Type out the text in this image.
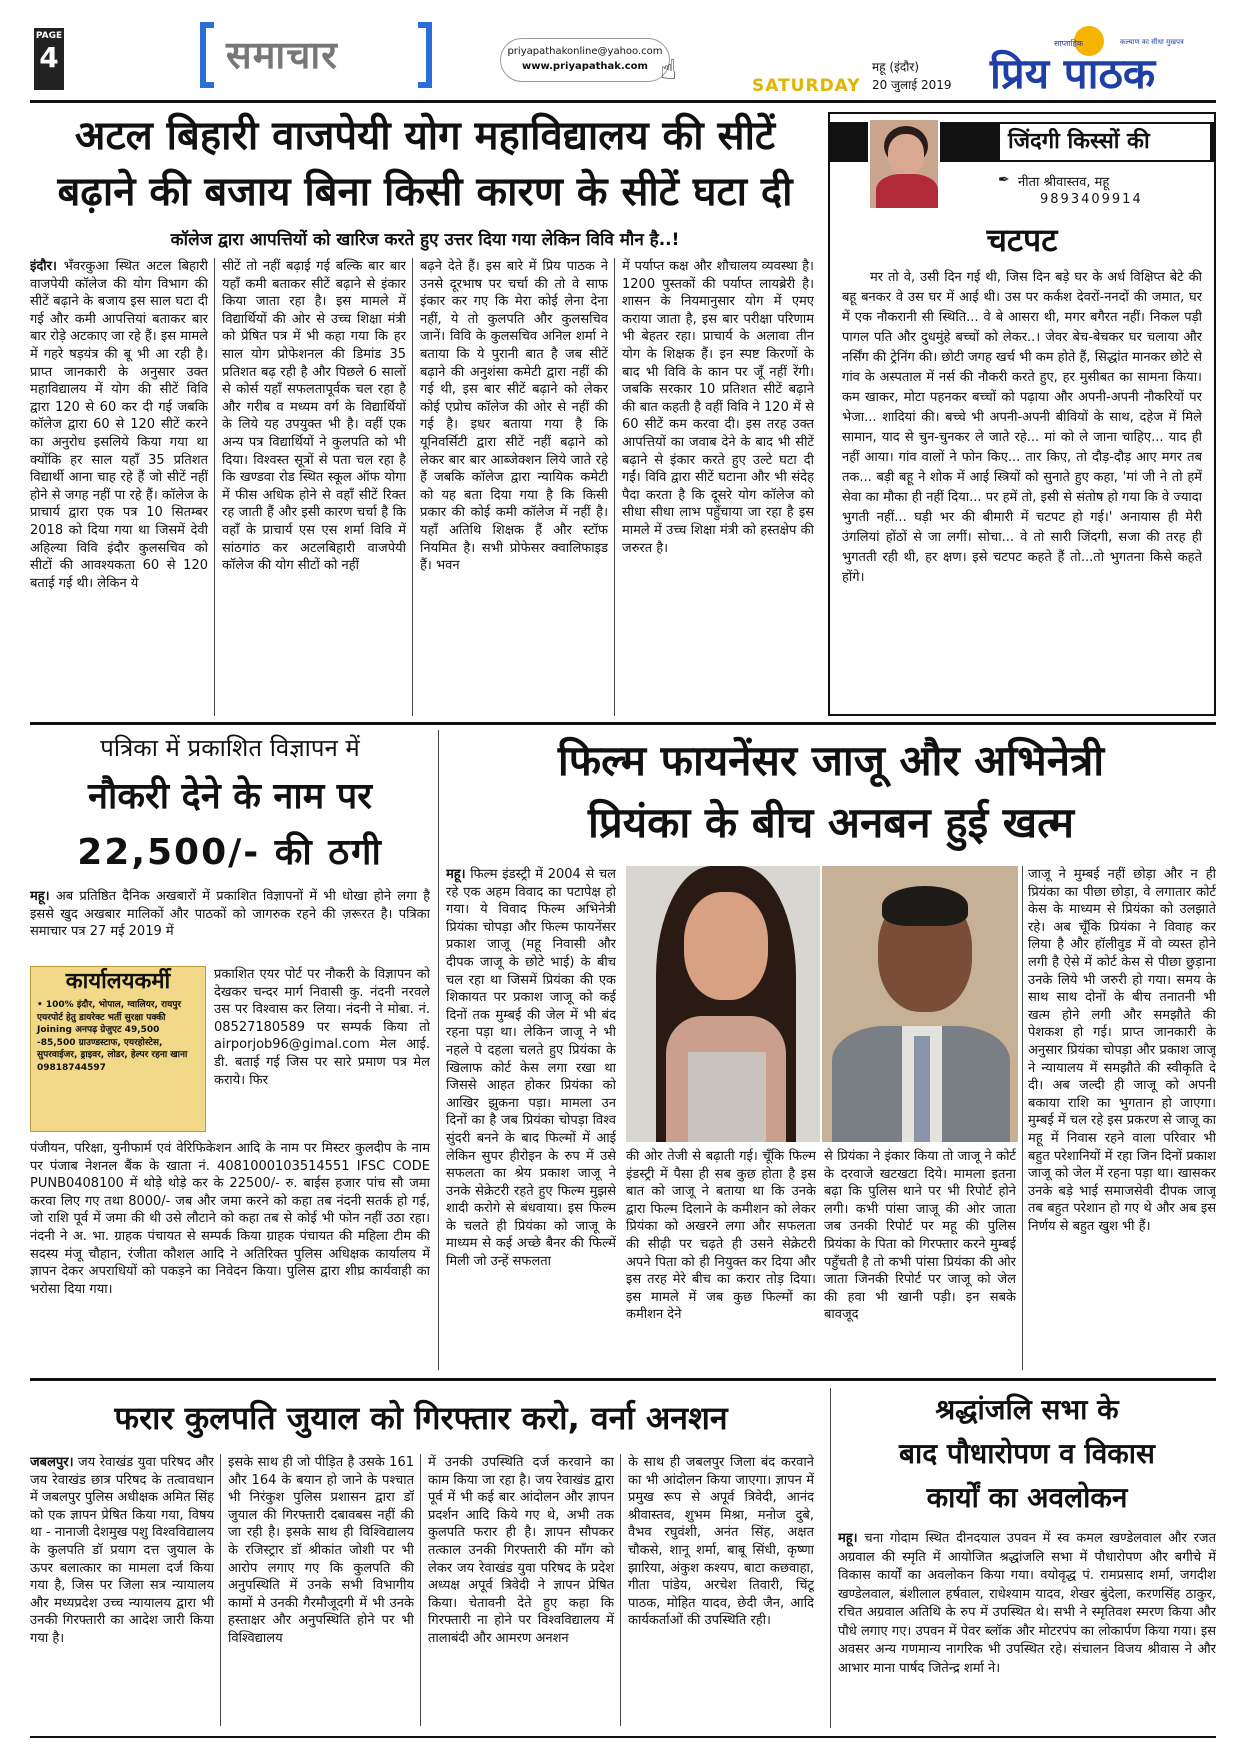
PAGE
4	समाचार	priyapathakonline@yahoo.com
www.priyapathak.com ☝	SATURDAY
महू (इंदौर)
20 जुलाई 2019
साप्ताहिक	कल्याण का सीधा मुखपत्र
प्रिय पाठक
अटल बिहारी वाजपेयी योग महाविद्यालय की सीटें
बढ़ाने की बजाय बिना किसी कारण के सीटें घटा दी
कॉलेज द्वारा आपत्तियों को खारिज करते हुए उत्तर दिया गया लेकिन विवि मौन है..!

इंदौर। भँवरकुआ स्थित अटल बिहारी वाजपेयी कॉलेज की योग विभाग की सीटें बढ़ाने के बजाय इस साल घटा दी गई और कमी आपत्तियां बताकर बार बार रोड़े अटकाए जा रहे हैं। इस मामले में गहरे षड़यंत्र की बू भी आ रही है। प्राप्त जानकारी के अनुसार उक्त महाविद्यालय में योग की सीटें विवि द्वारा 120 से 60 कर दी गई जबकि कॉलेज द्वारा 60 से 120 सीटें करने का अनुरोध इसलिये किया गया था क्योंकि हर साल यहाँ 35 प्रतिशत विद्यार्थी आना चाह रहे हैं जो सीटें नहीं होने से जगह नहीं पा रहे हैं। कॉलेज के प्राचार्य द्वारा एक पत्र 10 सितम्बर 2018 को दिया गया था जिसमें देवी अहिल्या विवि इंदौर कुलसचिव को सीटों की आवश्यकता 60 से 120 बताई गई थी। लेकिन ये

सीटें तो नहीं बढ़ाई गई बल्कि बार बार यहाँ कमी बताकर सीटें बढ़ाने से इंकार किया जाता रहा है। इस मामले में विद्यार्थियों की ओर से उच्च शिक्षा मंत्री को प्रेषित पत्र में भी कहा गया कि हर साल योग प्रोफेशनल की डिमांड 35 प्रतिशत बढ़ रही है और पिछले 6 सालों से कोर्स यहाँ सफलतापूर्वक चल रहा है और गरीब व मध्यम वर्ग के विद्यार्थियों के लिये यह उपयुक्त भी है। वहीं एक अन्य पत्र विद्यार्थियों ने कुलपति को भी दिया। विश्वस्त सूत्रों से पता चल रहा है कि खण्डवा रोड स्थित स्कूल ऑफ योगा में फीस अधिक होने से वहाँ सीटें रिक्त रह जाती हैं और इसी कारण चर्चा है कि वहाँ के प्राचार्य एस एस शर्मा विवि में सांठगांठ कर अटलबिहारी वाजपेयी कॉलेज की योग सीटों को नहीं

बढ़ने देते हैं। इस बारे में प्रिय पाठक ने उनसे दूरभाष पर चर्चा की तो वे साफ इंकार कर गए कि मेरा कोई लेना देना नहीं, ये तो कुलपति और कुलसचिव जानें। विवि के कुलसचिव अनिल शर्मा ने बताया कि ये पुरानी बात है जब सीटें बढ़ाने की अनुशंसा कमेटी द्वारा नहीं की गई थी, इस बार सीटें बढ़ाने को लेकर कोई एप्रोच कॉलेज की ओर से नहीं की गई है। इधर बताया गया है कि यूनिवर्सिटी द्वारा सीटें नहीं बढ़ाने को लेकर बार बार आब्जेक्शन लिये जाते रहे हैं जबकि कॉलेज द्वारा न्यायिक कमेटी को यह बता दिया गया है कि किसी प्रकार की कोई कमी कॉलेज में नहीं है। यहाँ अतिथि शिक्षक हैं और स्टॉफ नियमित है। सभी प्रोफेसर क्वालिफाइड हैं। भवन

में पर्याप्त कक्ष और शौचालय व्यवस्था है। 1200 पुस्तकों की पर्याप्त लायब्रेरी है। शासन के नियमानुसार योग में एमए कराया जाता है, इस बार परीक्षा परिणाम भी बेहतर रहा। प्राचार्य के अलावा तीन योग के शिक्षक हैं। इन स्पष्ट किरणों के बाद भी विवि के कान पर जूँ नहीं रेंगी। जबकि सरकार 10 प्रतिशत सीटें बढ़ाने की बात कहती है वहीं विवि ने 120 में से 60 सीटें कम करवा दी। इस तरह उक्त आपत्तियों का जवाब देने के बाद भी सीटें बढ़ाने से इंकार करते हुए उल्टे घटा दी गईं। विवि द्वारा सीटें घटाना और भी संदेह पैदा करता है कि दूसरे योग कॉलेज को सीधा सीधा लाभ पहुँचाया जा रहा है इस मामले में उच्च शिक्षा मंत्री को हस्तक्षेप की जरुरत है।

जिंदगी किस्सों की
✒ नीता श्रीवास्तव, महू
9893409914
चटपट

मर तो वे, उसी दिन गई थी, जिस दिन बड़े घर के अर्ध विक्षिप्त बेटे की बहू बनकर वे उस घर में आई थी। उस पर कर्कश देवरों-ननदों की जमात, घर में एक नौकरानी सी स्थिति... वे बे आसरा थी, मगर बगैरत नहीं। निकल पड़ी पागल पति और दुधमुंहे बच्चों को लेकर..। जेवर बेच-बेचकर घर चलाया और नर्सिंग की ट्रेनिंग की। छोटी जगह खर्च भी कम होते हैं, सिद्धांत मानकर छोटे से गांव के अस्पताल में नर्स की नौकरी करते हुए, हर मुसीबत का सामना किया। कम खाकर, मोटा पहनकर बच्चों को पढ़ाया और अपनी-अपनी नौकरियों पर भेजा... शादियां की। बच्चे भी अपनी-अपनी बीवियों के साथ, दहेज में मिले सामान, याद से चुन-चुनकर ले जाते रहे... मां को ले जाना चाहिए... याद ही नहीं आया। गांव वालों ने फोन किए... तार किए, तो दौड़-दौड़ आए मगर तब तक... बड़ी बहू ने शोक में आई स्त्रियों को सुनाते हुए कहा, 'मां जी ने तो हमें सेवा का मौका ही नहीं दिया... पर हमें तो, इसी से संतोष हो गया कि वे ज्यादा भुगती नहीं... घड़ी भर की बीमारी में चटपट हो गई।' अनायास ही मेरी उंगलियां होंठों से जा लगीं। सोचा... वे तो सारी जिंदगी, सजा की तरह ही भुगतती रही थी, हर क्षण। इसे चटपट कहते हैं तो...तो भुगतना किसे कहते होंगे।

पत्रिका में प्रकाशित विज्ञापन में
नौकरी देने के नाम पर
22,500/- की ठगी

महू। अब प्रतिष्ठित दैनिक अखबारों में प्रकाशित विज्ञापनों में भी धोखा होने लगा है इससे खुद अखबार मालिकों और पाठकों को जागरुक रहने की ज़रूरत है। पत्रिका समाचार पत्र 27 मई 2019 में

कार्यालयकर्मी
• 100% इंदौर, भोपाल, ग्वालियर, रायपुर एयरपोर्ट हेतु डायरेक्ट भर्ती सुरक्षा पक्की Joining अनपढ़ ग्रेजुएट 49,500 -85,500 ग्राउण्डस्टाफ, एयरहोस्टेस, सुपरवाईजर, ड्राइवर, लोडर, हेल्पर रहना खाना 09818744597

प्रकाशित एयर पोर्ट पर नौकरी के विज्ञापन को देखकर चन्दर मार्ग निवासी कु. नंदनी नरवले उस पर विश्वास कर लिया। नंदनी ने मोबा. नं. 08527180589 पर सम्पर्क किया तो airporjob96@gimal.com मेल आई. डी. बताई गई जिस पर सारे प्रमाण पत्र मेल कराये। फिर

पंजीयन, परिक्षा, युनीफार्म एवं वेरिफिकेशन आदि के नाम पर मिस्टर कुलदीप के नाम पर पंजाब नेशनल बैंक के खाता नं. 4081000103514551 IFSC CODE PUNB0408100 में थोड़े थोड़े कर के 22500/- रु. बाईस हजार पांच सौ जमा करवा लिए गए तथा 8000/- जब और जमा करने को कहा तब नंदनी सतर्क हो गई, जो राशि पूर्व में जमा की थी उसे लौटाने को कहा तब से कोई भी फोन नहीं उठा रहा। नंदनी ने अ. भा. ग्राहक पंचायत से सम्पर्क किया ग्राहक पंचायत की महिला टीम की सदस्य मंजू चौहान, रंजीता कौशल आदि ने अतिरिक्त पुलिस अधिक्षक कार्यालय में ज्ञापन देकर अपराधियों को पकड़ने का निवेदन किया। पुलिस द्वारा शीघ्र कार्यवाही का भरोसा दिया गया।

फिल्म फायनेंसर जाजू और अभिनेत्री
प्रियंका के बीच अनबन हुई खत्म

महू। फिल्म इंडस्ट्री में 2004 से चल रहे एक अहम विवाद का पटापेक्ष हो गया। ये विवाद फिल्म अभिनेत्री प्रियंका चोपड़ा और फिल्म फायनेंसर प्रकाश जाजू (महू निवासी और दीपक जाजू के छोटे भाई) के बीच चल रहा था जिसमें प्रियंका की एक शिकायत पर प्रकाश जाजू को कई दिनों तक मुम्बई की जेल में भी बंद रहना पड़ा था। लेकिन जाजू ने भी नहले पे दहला चलते हुए प्रियंका के खिलाफ कोर्ट केस लगा रखा था जिससे आहत होकर प्रियंका को आखिर झुकना पड़ा। मामला उन दिनों का है जब प्रियंका चोपड़ा विश्व सुंदरी बनने के बाद फिल्मों में आई लेकिन सुपर हीरोइन के रुप में उसे सफलता का श्रेय प्रकाश जाजू ने उनके सेक्रेटरी रहते हुए फिल्म मुझसे शादी करोगे से बंधवाया। इस फिल्म के चलते ही प्रियंका को जाजू के माध्यम से कई अच्छे बैनर की फिल्में मिली जो उन्हें सफलता

की ओर तेजी से बढ़ाती गई। चूँकि फिल्म इंडस्ट्री में पैसा ही सब कुछ होता है इस बात को जाजू ने बताया था कि उनके द्वारा फिल्म दिलाने के कमीशन को लेकर प्रियंका को अखरने लगा और सफलता की सीढ़ी पर चढ़ते ही उसने सेक्रेटरी अपने पिता को ही नियुक्त कर दिया और इस तरह मेरे बीच का करार तोड़ दिया। इस मामले में जब कुछ फिल्मों का कमीशन देने

से प्रियंका ने इंकार किया तो जाजू ने कोर्ट के दरवाजे खटखटा दिये। मामला इतना बढ़ा कि पुलिस थाने पर भी रिपोर्ट होने लगी। कभी पांसा जाजू की ओर जाता जब उनकी रिपोर्ट पर महू की पुलिस प्रियंका के पिता को गिरफ्तार करने मुम्बई पहुँचती है तो कभी पांसा प्रियंका की ओर जाता जिनकी रिपोर्ट पर जाजू को जेल की हवा भी खानी पड़ी। इन सबके बावजूद

जाजू ने मुम्बई नहीं छोड़ा और न ही प्रियंका का पीछा छोड़ा, वे लगातार कोर्ट केस के माध्यम से प्रियंका को उलझाते रहे। अब चूँकि प्रियंका ने विवाह कर लिया है और हॉलीवुड में वो व्यस्त होने लगी है ऐसे में कोर्ट केस से पीछा छुड़ाना उनके लिये भी जरुरी हो गया। समय के साथ साथ दोनों के बीच तनातनी भी खत्म होने लगी और समझौते की पेशकश हो गई। प्राप्त जानकारी के अनुसार प्रियंका चोपड़ा और प्रकाश जाजू ने न्यायालय में समझौते की स्वीकृति दे दी। अब जल्दी ही जाजू को अपनी बकाया राशि का भुगतान हो जाएगा। मुम्बई में चल रहे इस प्रकरण से जाजू का महू में निवास रहने वाला परिवार भी बहुत परेशानियों में रहा जिन दिनों प्रकाश जाजू को जेल में रहना पड़ा था। खासकर उनके बड़े भाई समाजसेवी दीपक जाजू तब बहुत परेशान हो गए थे और अब इस निर्णय से बहुत खुश भी हैं।

फरार कुलपति जुयाल को गिरफ्तार करो, वर्ना अनशन

जबलपुर। जय रेवाखंड युवा परिषद और जय रेवाखंड छात्र परिषद के तत्वावधान में जबलपुर पुलिस अधीक्षक अमित सिंह को एक ज्ञापन प्रेषित किया गया, विषय था - नानाजी देशमुख पशु विश्वविद्यालय के कुलपति डॉ प्रयाग दत्त जुयाल के ऊपर बलात्कार का मामला दर्ज किया गया है, जिस पर जिला सत्र न्यायालय और मध्यप्रदेश उच्च न्यायालय द्वारा भी उनकी गिरफ्तारी का आदेश जारी किया गया है।

इसके साथ ही जो पीड़ित है उसके 161 और 164 के बयान हो जाने के पश्चात भी निरंकुश पुलिस प्रशासन द्वारा डॉ जुयाल की गिरफ्तारी दबावबस नहीं की जा रही है। इसके साथ ही विश्विद्यालय के रजिस्ट्रार डॉ श्रीकांत जोशी पर भी आरोप लगाए गए कि कुलपति की अनुपस्थिति में उनके सभी विभागीय कामों मे उनकी गैरमौजूदगी में भी उनके हस्ताक्षर और अनुपस्थिति होने पर भी विश्विद्यालय

में उनकी उपस्थिति दर्ज करवाने का काम किया जा रहा है। जय रेवाखंड द्वारा पूर्व में भी कई बार आंदोलन और ज्ञापन प्रदर्शन आदि किये गए थे, अभी तक कुलपति फरार ही है। ज्ञापन सौपकर तत्काल उनकी गिरफ्तारी की माँग को लेकर जय रेवाखंड युवा परिषद के प्रदेश अध्यक्ष अपूर्व त्रिवेदी ने ज्ञापन प्रेषित किया। चेतावनी देते हुए कहा कि गिरफ्तारी ना होने पर विश्वविद्यालय में तालाबंदी और आमरण अनशन

के साथ ही जबलपुर जिला बंद करवाने का भी आंदोलन किया जाएगा। ज्ञापन में प्रमुख रूप से अपूर्व त्रिवेदी, आनंद श्रीवास्तव, शुभम मिश्रा, मनोज दुबे, वैभव रघुवंशी, अनंत सिंह, अक्षत चौकसे, शानू शर्मा, बाबू सिंधी, कृष्णा झारिया, अंकुश कश्यप, बाटा कछवाहा, गीता पांडेय, अरचेश तिवारी, चिंटू पाठक, मोहित यादव, छेदी जैन, आदि कार्यकर्ताओं की उपस्थिति रही।

श्रद्धांजलि सभा के
बाद पौधारोपण व विकास
कार्यों का अवलोकन

महू। चना गोदाम स्थित दीनदयाल उपवन में स्व कमल खण्डेलवाल और रजत अग्रवाल की स्मृति में आयोजित श्रद्धांजलि सभा में पौधारोपण और बगीचे में विकास कार्यों का अवलोकन किया गया। वयोवृद्ध पं. रामप्रसाद शर्मा, जगदीश खण्डेलवाल, बंशीलाल हर्षवाल, राधेश्याम यादव, शेखर बुंदेला, करणसिंह ठाकुर, रचित अग्रवाल अतिथि के रुप में उपस्थित थे। सभी ने स्मृतिवश स्मरण किया और पौधे लगाए गए। उपवन में पेवर ब्लॉक और मोटरपंप का लोकार्पण किया गया। इस अवसर अन्य गणमान्य नागरिक भी उपस्थित रहे। संचालन विजय श्रीवास ने और आभार माना पार्षद जितेन्द्र शर्मा ने।
